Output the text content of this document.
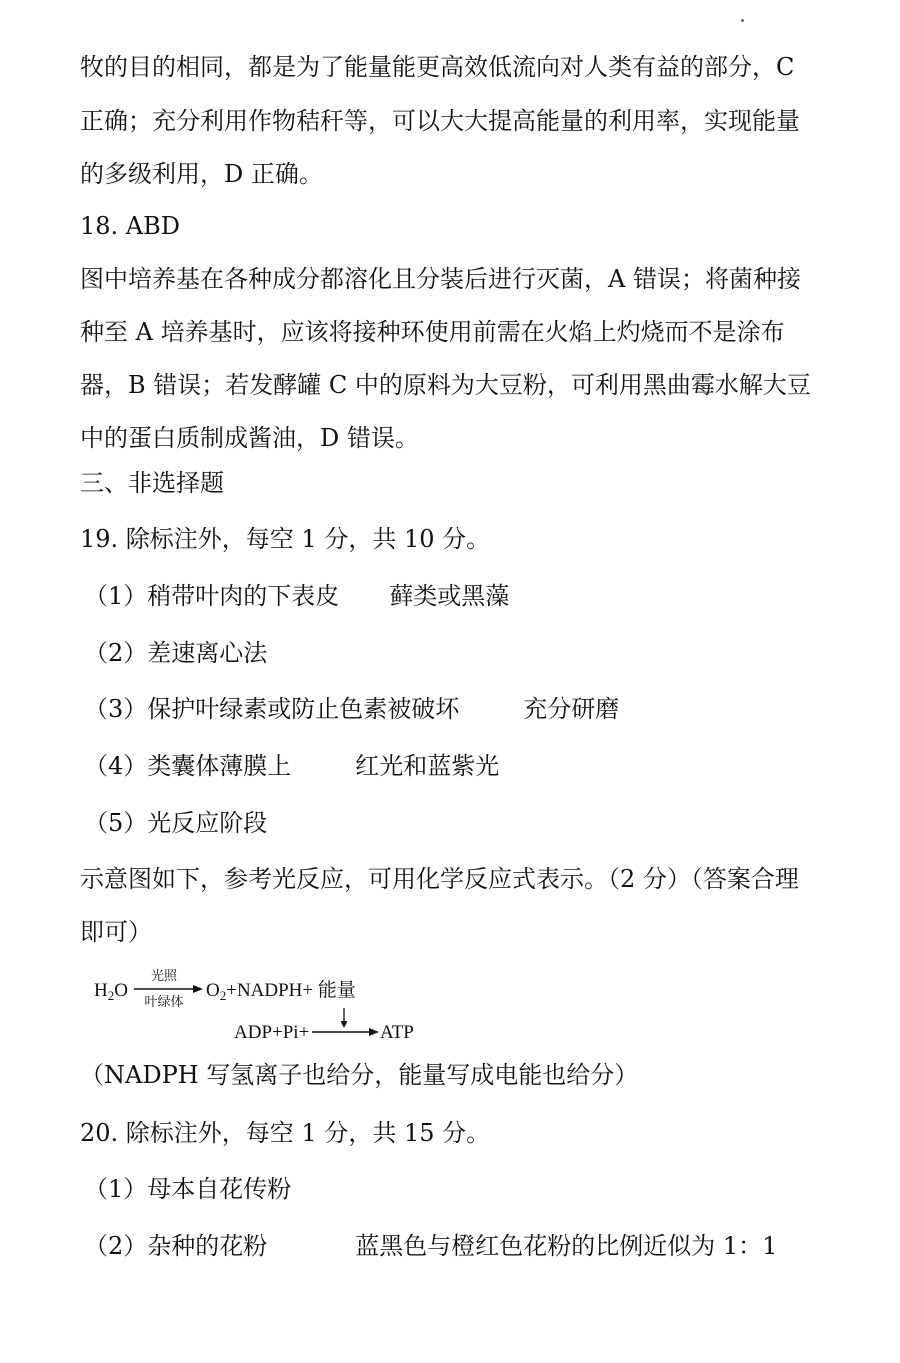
牧的目的相同，都是为了能量能更高效低流向对人类有益的部分，C
正确；充分利用作物秸秆等，可以大大提高能量的利用率，实现能量
的多级利用，D 正确。
18. ABD
图中培养基在各种成分都溶化且分装后进行灭菌，A 错误；将菌种接
种至 A 培养基时，应该将接种环使用前需在火焰上灼烧而不是涂布
器，B 错误；若发酵罐 C 中的原料为大豆粉，可利用黑曲霉水解大豆
中的蛋白质制成酱油，D 错误。
三、非选择题
19. 除标注外，每空 1 分，共 10 分。
（1）稍带叶肉的下表皮 藓类或黑藻
（2）差速离心法
（3）保护叶绿素或防止色素被破坏	充分研磨
（4）类囊体薄膜上	红光和蓝紫光
（5）光反应阶段
示意图如下，参考光反应，可用化学反应式表示。（2 分）（答案合理
即可）
$H_2O$
光照
叶绿体
$O_2+NADPH+$ 能量
ADP+Pi+	ATP
（NADPH 写氢离子也给分，能量写成电能也给分）
20. 除标注外，每空 1 分，共 15 分。
（1）母本自花传粉
（2）杂种的花粉	蓝黑色与橙红色花粉的比例近似为 1：1
